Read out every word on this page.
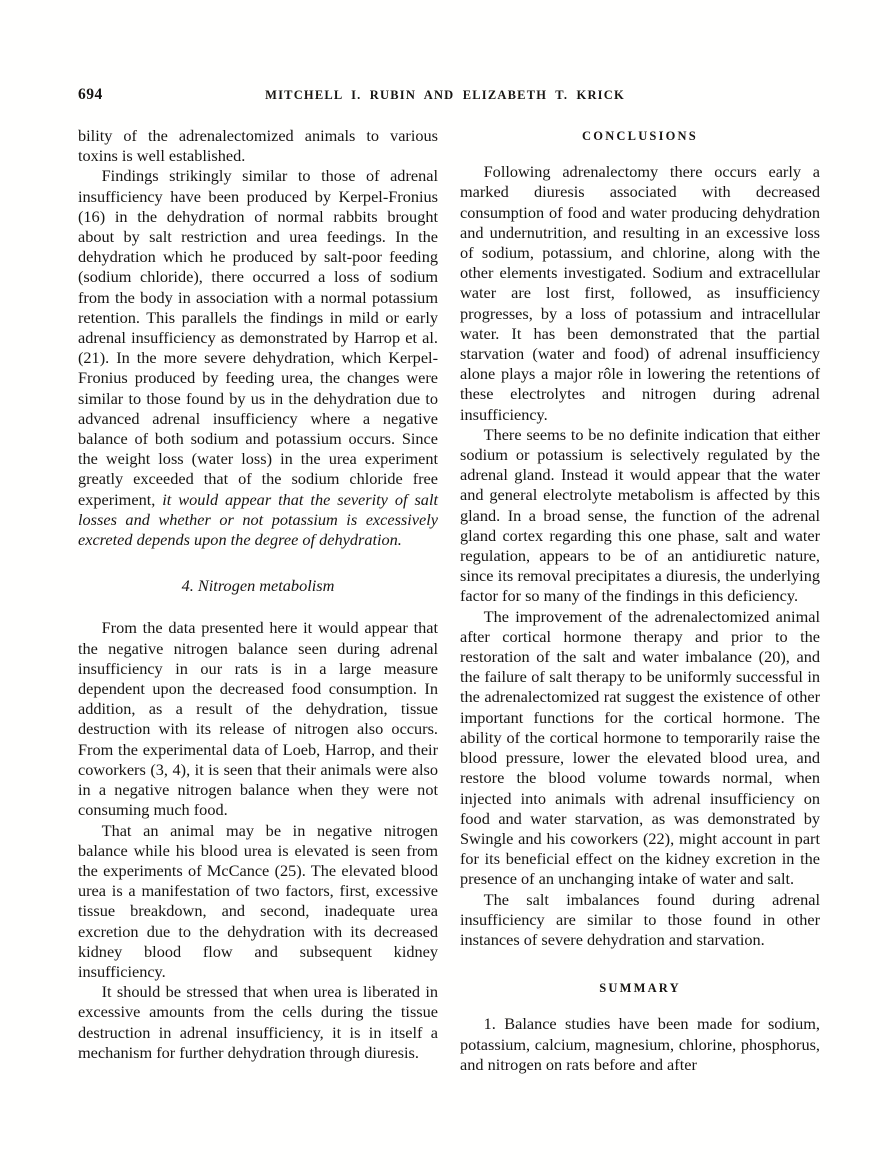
694	MITCHELL I. RUBIN AND ELIZABETH T. KRICK

bility of the adrenalectomized animals to various toxins is well established.

Findings strikingly similar to those of adrenal insufficiency have been produced by Kerpel-Fronius (16) in the dehydration of normal rabbits brought about by salt restriction and urea feedings. In the dehydration which he produced by salt-poor feeding (sodium chloride), there occurred a loss of sodium from the body in association with a normal potassium retention. This parallels the findings in mild or early adrenal insufficiency as demonstrated by Harrop et al. (21). In the more severe dehydration, which Kerpel-Fronius produced by feeding urea, the changes were similar to those found by us in the dehydration due to advanced adrenal insufficiency where a negative balance of both sodium and potassium occurs. Since the weight loss (water loss) in the urea experiment greatly exceeded that of the sodium chloride free experiment, it would appear that the severity of salt losses and whether or not potassium is excessively excreted depends upon the degree of dehydration.

4. Nitrogen metabolism

From the data presented here it would appear that the negative nitrogen balance seen during adrenal insufficiency in our rats is in a large measure dependent upon the decreased food consumption. In addition, as a result of the dehydration, tissue destruction with its release of nitrogen also occurs. From the experimental data of Loeb, Harrop, and their coworkers (3, 4), it is seen that their animals were also in a negative nitrogen balance when they were not consuming much food.

That an animal may be in negative nitrogen balance while his blood urea is elevated is seen from the experiments of McCance (25). The elevated blood urea is a manifestation of two factors, first, excessive tissue breakdown, and second, inadequate urea excretion due to the dehydration with its decreased kidney blood flow and subsequent kidney insufficiency.

It should be stressed that when urea is liberated in excessive amounts from the cells during the tissue destruction in adrenal insufficiency, it is in itself a mechanism for further dehydration through diuresis.

CONCLUSIONS

Following adrenalectomy there occurs early a marked diuresis associated with decreased consumption of food and water producing dehydration and undernutrition, and resulting in an excessive loss of sodium, potassium, and chlorine, along with the other elements investigated. Sodium and extracellular water are lost first, followed, as insufficiency progresses, by a loss of potassium and intracellular water. It has been demonstrated that the partial starvation (water and food) of adrenal insufficiency alone plays a major rôle in lowering the retentions of these electrolytes and nitrogen during adrenal insufficiency.

There seems to be no definite indication that either sodium or potassium is selectively regulated by the adrenal gland. Instead it would appear that the water and general electrolyte metabolism is affected by this gland. In a broad sense, the function of the adrenal gland cortex regarding this one phase, salt and water regulation, appears to be of an antidiuretic nature, since its removal precipitates a diuresis, the underlying factor for so many of the findings in this deficiency.

The improvement of the adrenalectomized animal after cortical hormone therapy and prior to the restoration of the salt and water imbalance (20), and the failure of salt therapy to be uniformly successful in the adrenalectomized rat suggest the existence of other important functions for the cortical hormone. The ability of the cortical hormone to temporarily raise the blood pressure, lower the elevated blood urea, and restore the blood volume towards normal, when injected into animals with adrenal insufficiency on food and water starvation, as was demonstrated by Swingle and his coworkers (22), might account in part for its beneficial effect on the kidney excretion in the presence of an unchanging intake of water and salt.

The salt imbalances found during adrenal insufficiency are similar to those found in other instances of severe dehydration and starvation.

SUMMARY

1. Balance studies have been made for sodium, potassium, calcium, magnesium, chlorine, phosphorus, and nitrogen on rats before and after
